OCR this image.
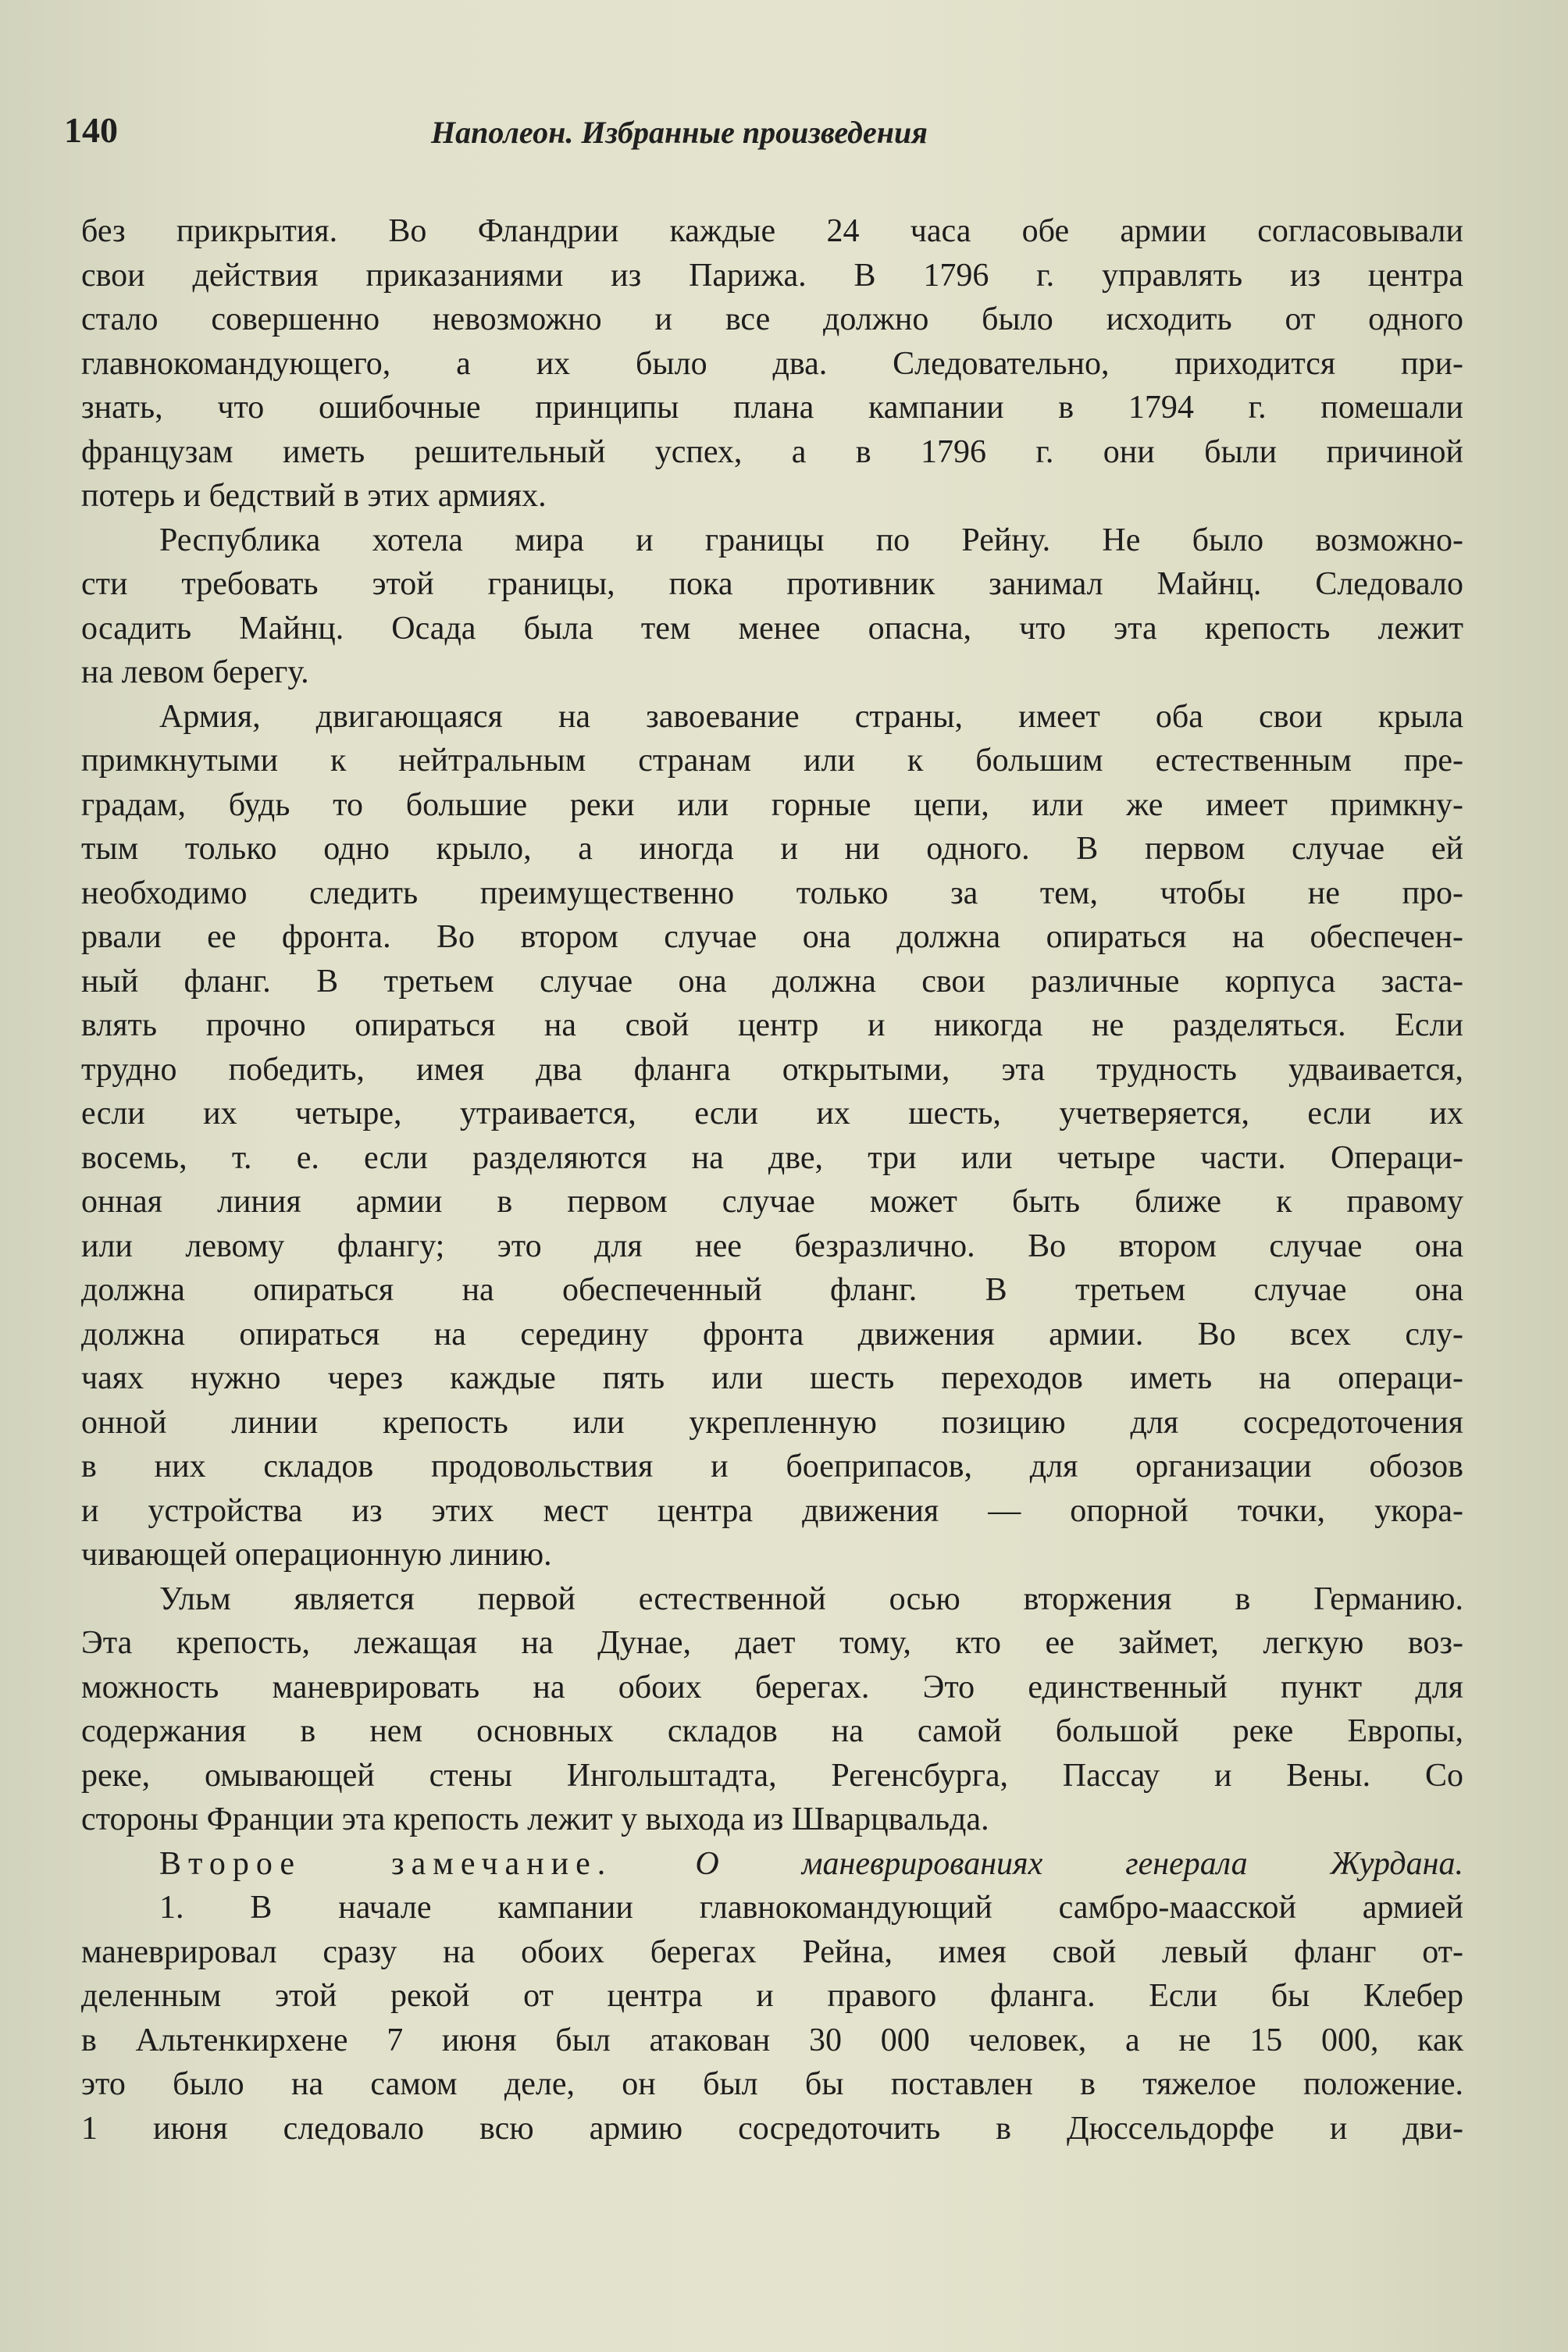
140	Наполеон. Избранные произведения
без прикрытия. Во Фландрии каждые 24 часа обе армии согласовывали
свои действия приказаниями из Парижа. В 1796 г. управлять из центра
стало совершенно невозможно и все должно было исходить от одного
главнокомандующего, а их было два. Следовательно, приходится при-
знать, что ошибочные принципы плана кампании в 1794 г. помешали
французам иметь решительный успех, а в 1796 г. они были причиной
потерь и бедствий в этих армиях.
Республика хотела мира и границы по Рейну. Не было возможно-
сти требовать этой границы, пока противник занимал Майнц. Следовало
осадить Майнц. Осада была тем менее опасна, что эта крепость лежит
на левом берегу.
Армия, двигающаяся на завоевание страны, имеет оба свои крыла
примкнутыми к нейтральным странам или к большим естественным пре-
градам, будь то большие реки или горные цепи, или же имеет примкну-
тым только одно крыло, а иногда и ни одного. В первом случае ей
необходимо следить преимущественно только за тем, чтобы не про-
рвали ее фронта. Во втором случае она должна опираться на обеспечен-
ный фланг. В третьем случае она должна свои различные корпуса заста-
влять прочно опираться на свой центр и никогда не разделяться. Если
трудно победить, имея два фланга открытыми, эта трудность удваивается,
если их четыре, утраивается, если их шесть, учетверяется, если их
восемь, т. е. если разделяются на две, три или четыре части. Операци-
онная линия армии в первом случае может быть ближе к правому
или левому флангу; это для нее безразлично. Во втором случае она
должна опираться на обеспеченный фланг. В третьем случае она
должна опираться на середину фронта движения армии. Во всех слу-
чаях нужно через каждые пять или шесть переходов иметь на операци-
онной линии крепость или укрепленную позицию для сосредоточения
в них складов продовольствия и боеприпасов, для организации обозов
и устройства из этих мест центра движения — опорной точки, укора-
чивающей операционную линию.
Ульм является первой естественной осью вторжения в Германию.
Эта крепость, лежащая на Дунае, дает тому, кто ее займет, легкую воз-
можность маневрировать на обоих берегах. Это единственный пункт для
содержания в нем основных складов на самой большой реке Европы,
реке, омывающей стены Ингольштадта, Регенсбурга, Пассау и Вены. Со
стороны Франции эта крепость лежит у выхода из Шварцвальда.
Второе замечание.	О маневрированиях генерала Журдана.
1. В начале кампании главнокомандующий самбро-маасской армией
маневрировал сразу на обоих берегах Рейна, имея свой левый фланг от-
деленным этой рекой от центра и правого фланга. Если бы Клебер
в Альтенкирхене 7 июня был атакован 30 000 человек, а не 15 000, как
это было на самом деле, он был бы поставлен в тяжелое положение.
1 июня следовало всю армию сосредоточить в Дюссельдорфе и дви-
